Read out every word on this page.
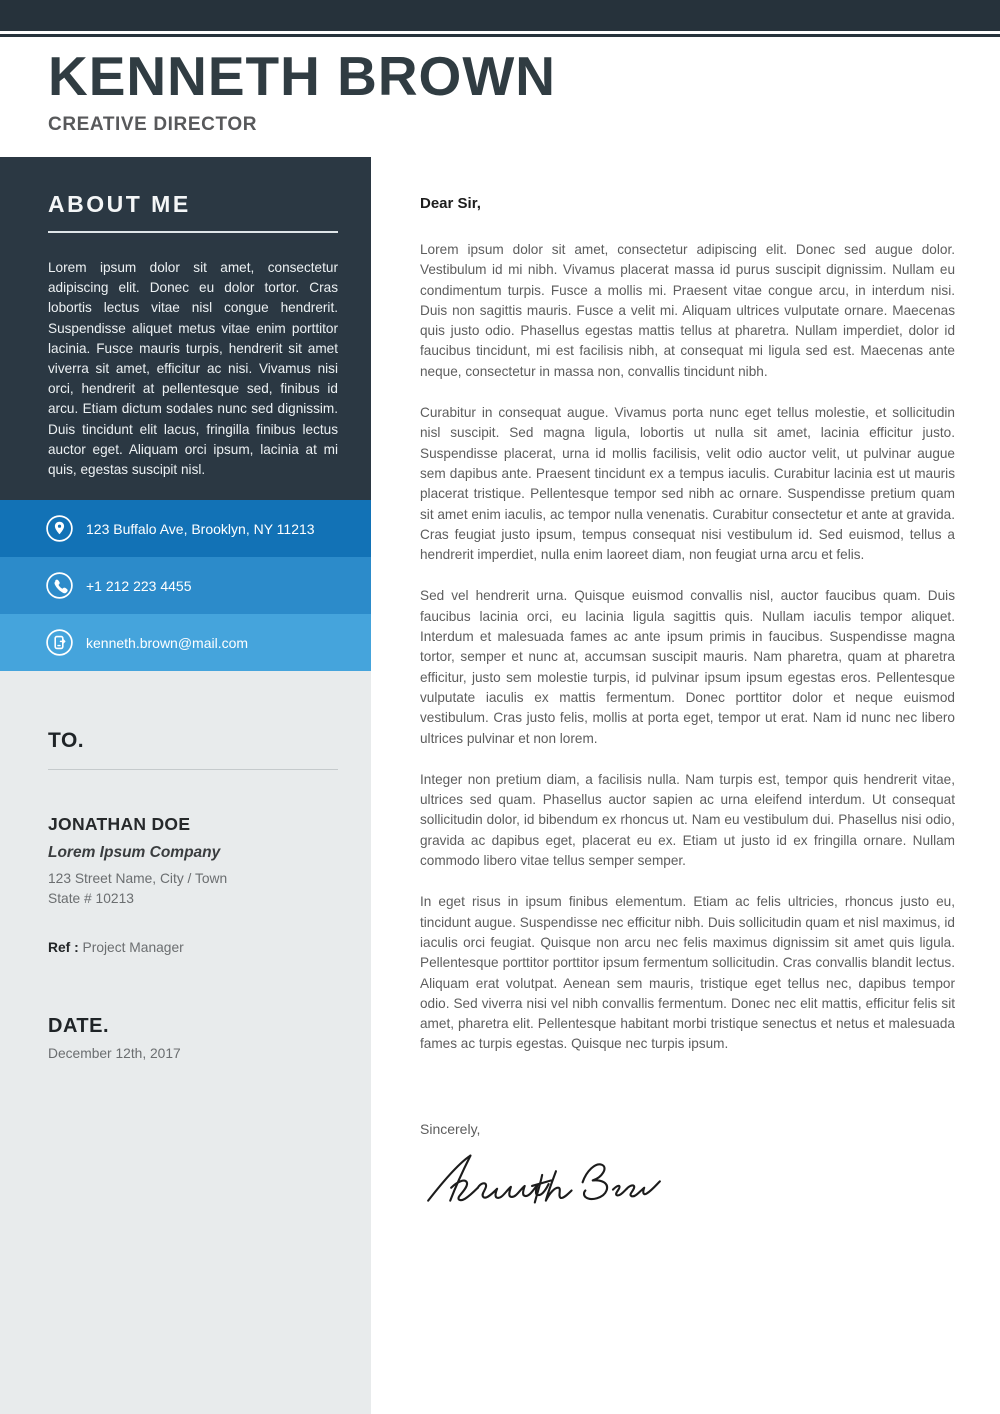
KENNETH BROWN
CREATIVE DIRECTOR
ABOUT ME
Lorem ipsum dolor sit amet, consectetur adipiscing elit. Donec eu dolor tortor. Cras lobortis lectus vitae nisl congue hendrerit. Suspendisse aliquet metus vitae enim porttitor lacinia. Fusce mauris turpis, hendrerit sit amet viverra sit amet, efficitur ac nisi. Vivamus nisi orci, hendrerit at pellentesque sed, finibus id arcu. Etiam dictum sodales nunc sed dignissim. Duis tincidunt elit lacus, fringilla finibus lectus auctor eget. Aliquam orci ipsum, lacinia at mi quis, egestas suscipit nisl.
123 Buffalo Ave, Brooklyn, NY 11213
+1 212 223 4455
kenneth.brown@mail.com
TO.
JONATHAN DOE
Lorem Ipsum Company
123 Street Name, City / Town
State # 10213
Ref : Project Manager
DATE.
December 12th, 2017
Dear Sir,

Lorem ipsum dolor sit amet, consectetur adipiscing elit. Donec sed augue dolor. Vestibulum id mi nibh. Vivamus placerat massa id purus suscipit dignissim. Nullam eu condimentum turpis. Fusce a mollis mi. Praesent vitae congue arcu, in interdum nisi. Duis non sagittis mauris. Fusce a velit mi. Aliquam ultrices vulputate ornare. Maecenas quis justo odio. Phasellus egestas mattis tellus at pharetra. Nullam imperdiet, dolor id faucibus tincidunt, mi est facilisis nibh, at consequat mi ligula sed est. Maecenas ante neque, consectetur in massa non, convallis tincidunt nibh.

Curabitur in consequat augue. Vivamus porta nunc eget tellus molestie, et sollicitudin nisl suscipit. Sed magna ligula, lobortis ut nulla sit amet, lacinia efficitur justo. Suspendisse placerat, urna id mollis facilisis, velit odio auctor velit, ut pulvinar augue sem dapibus ante. Praesent tincidunt ex a tempus iaculis. Curabitur lacinia est ut mauris placerat tristique. Pellentesque tempor sed nibh ac ornare. Suspendisse pretium quam sit amet enim iaculis, ac tempor nulla venenatis. Curabitur consectetur et ante at gravida. Cras feugiat justo ipsum, tempus consequat nisi vestibulum id. Sed euismod, tellus a hendrerit imperdiet, nulla enim laoreet diam, non feugiat urna arcu et felis.

Sed vel hendrerit urna. Quisque euismod convallis nisl, auctor faucibus quam. Duis faucibus lacinia orci, eu lacinia ligula sagittis quis. Nullam iaculis tempor aliquet. Interdum et malesuada fames ac ante ipsum primis in faucibus. Suspendisse magna tortor, semper et nunc at, accumsan suscipit mauris. Nam pharetra, quam at pharetra efficitur, justo sem molestie turpis, id pulvinar ipsum ipsum egestas eros. Pellentesque vulputate iaculis ex mattis fermentum. Donec porttitor dolor et neque euismod vestibulum. Cras justo felis, mollis at porta eget, tempor ut erat. Nam id nunc nec libero ultrices pulvinar et non lorem.

Integer non pretium diam, a facilisis nulla. Nam turpis est, tempor quis hendrerit vitae, ultrices sed quam. Phasellus auctor sapien ac urna eleifend interdum. Ut consequat sollicitudin dolor, id bibendum ex rhoncus ut. Nam eu vestibulum dui. Phasellus nisi odio, gravida ac dapibus eget, placerat eu ex. Etiam ut justo id ex fringilla ornare. Nullam commodo libero vitae tellus semper semper.

In eget risus in ipsum finibus elementum. Etiam ac felis ultricies, rhoncus justo eu, tincidunt augue. Suspendisse nec efficitur nibh. Duis sollicitudin quam et nisl maximus, id iaculis orci feugiat. Quisque non arcu nec felis maximus dignissim sit amet quis ligula. Pellentesque porttitor porttitor ipsum fermentum sollicitudin. Cras convallis blandit lectus. Aliquam erat volutpat. Aenean sem mauris, tristique eget tellus nec, dapibus tempor odio. Sed viverra nisi vel nibh convallis fermentum. Donec nec elit mattis, efficitur felis sit amet, pharetra elit. Pellentesque habitant morbi tristique senectus et netus et malesuada fames ac turpis egestas. Quisque nec turpis ipsum.

Sincerely,
